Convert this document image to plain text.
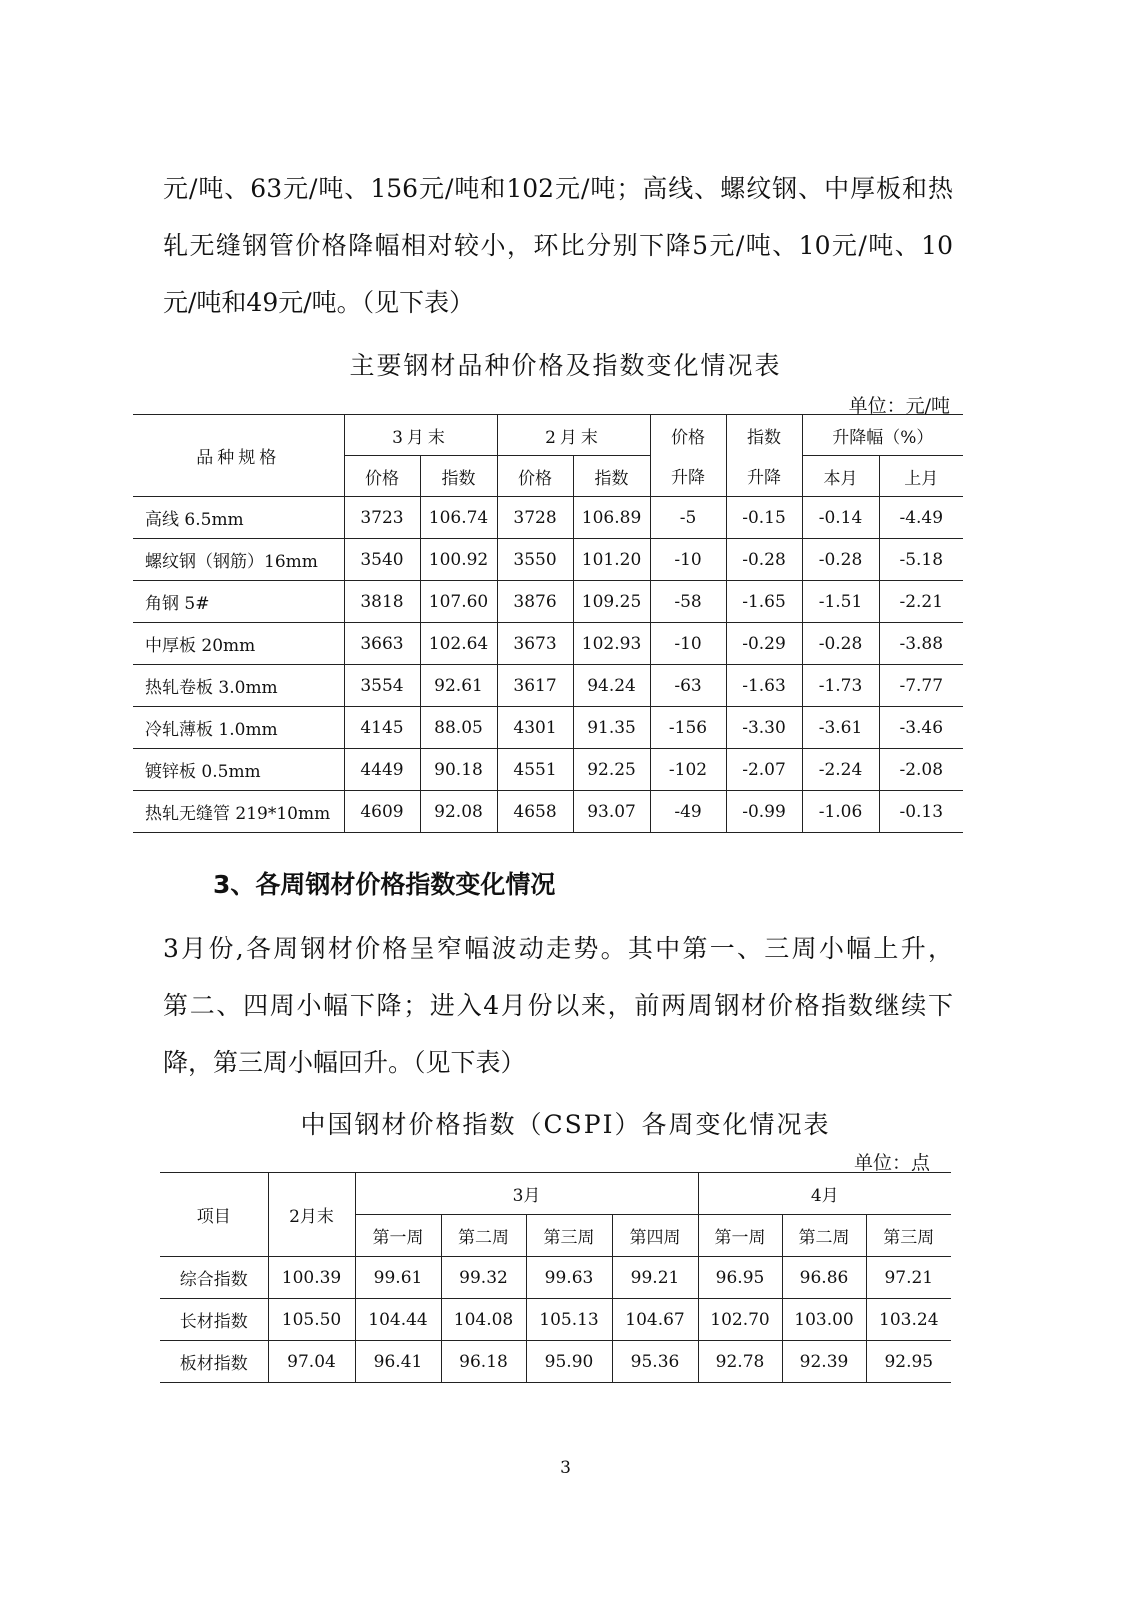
元/吨、63元/吨、156元/吨和102元/吨；高线、螺纹钢、中厚板和热
轧无缝钢管价格降幅相对较小，环比分别下降5元/吨、10元/吨、10
元/吨和49元/吨。（见下表）
主要钢材品种价格及指数变化情况表
单位：元/吨
品种规格	3月末		2月末		价格	指数	升降幅（%）	
	价格	指数	价格	指数	升降	升降	本月	上月
高线 6.5mm	3723	106.74	3728	106.89	-5	-0.15	-0.14	-4.49
螺纹钢（钢筋）16mm	3540	100.92	3550	101.20	-10	-0.28	-0.28	-5.18
角钢 5#	3818	107.60	3876	109.25	-58	-1.65	-1.51	-2.21
中厚板 20mm	3663	102.64	3673	102.93	-10	-0.29	-0.28	-3.88
热轧卷板 3.0mm	3554	92.61	3617	94.24	-63	-1.63	-1.73	-7.77
冷轧薄板 1.0mm	4145	88.05	4301	91.35	-156	-3.30	-3.61	-3.46
镀锌板 0.5mm	4449	90.18	4551	92.25	-102	-2.07	-2.24	-2.08
热轧无缝管 219*10mm	4609	92.08	4658	93.07	-49	-0.99	-1.06	-0.13
3、各周钢材价格指数变化情况
3月份,各周钢材价格呈窄幅波动走势。其中第一、三周小幅上升，
第二、四周小幅下降；进入4月份以来，前两周钢材价格指数继续下
降，第三周小幅回升。（见下表）
中国钢材价格指数（CSPI）各周变化情况表
单位：点
项目	2月末	3月				4月		
		第一周	第二周	第三周	第四周	第一周	第二周	第三周
综合指数	100.39	99.61	99.32	99.63	99.21	96.95	96.86	97.21
长材指数	105.50	104.44	104.08	105.13	104.67	102.70	103.00	103.24
板材指数	97.04	96.41	96.18	95.90	95.36	92.78	92.39	92.95
3
